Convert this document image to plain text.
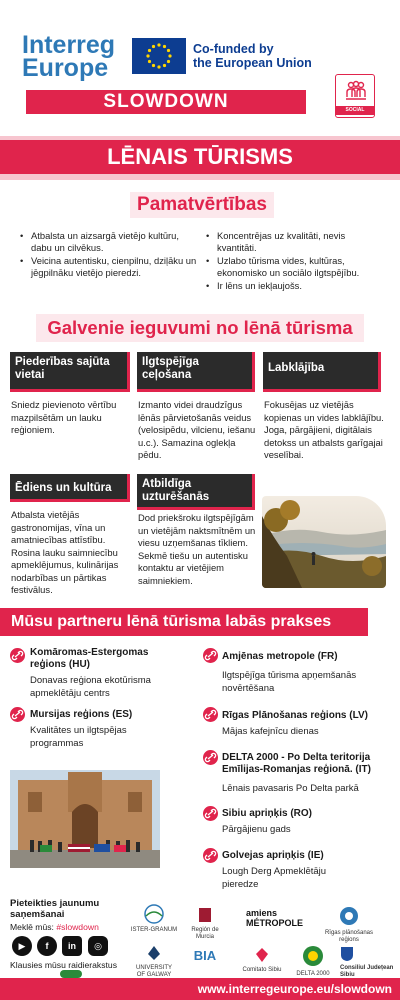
Interreg
Europe
Co-funded by
the European Union
SLOWDOWN	SOCIAL
LĒNAIS TŪRISMS
Pamatvērtības
• Atbalsta un aizsargā vietējo kultūru, dabu un cilvēkus.
• Veicina autentisku, cienpilnu, dziļāku un jēgpilnāku vietējo pieredzi.
• Koncentrējas uz kvalitāti, nevis kvantitāti.
• Uzlabo tūrisma vides, kultūras, ekonomisko un sociālo ilgtspējību.
• Ir lēns un iekļaujošs.
Galvenie ieguvumi no lēnā tūrisma
Piederības sajūta vietai
Sniedz pievienoto vērtību mazpilsētām un lauku reģioniem.
Ilgtspējīga ceļošana
Izmanto videi draudzīgus lēnās pārvietošanās veidus (velosipēdu, vilcienu, iešanu u.c.). Samazina oglekļa pēdu.
Labklājība
Fokusējas uz vietējās kopienas un vides labklājību. Joga, pārgājieni, digitālais detokss un atbalsts garīgajai veselībai.
Ēdiens un kultūra
Atbalsta vietējās gastronomijas, vīna un amatniecības attīstību. Rosina lauku saimniecību apmeklējumus, kulinārijas nodarbības un pārtikas festivālus.
Atbildīga uzturēšanās
Dod priekšroku ilgtspējīgām un vietējām naktsmītnēm un viesu uzņemšanas tīkliem. Sekmē tiešu un autentisku kontaktu ar vietējiem saimniekiem.
Mūsu partneru lēnā tūrisma labās prakses
Komāromas-Estergomas reģions (HU)
Donavas reģiona ekotūrisma apmeklētāju centrs
Mursijas reģions (ES)
Kvalitātes un ilgtspējas programmas
Amjēnas metropole (FR)
Ilgtspējīga tūrisma apņemšanās novērtēšana
Rīgas Plānošanas reģions (LV)
Mājas kafejnīcu dienas
DELTA 2000 - Po Delta teritorija
Emīlijas-Romanjas reģionā. (IT)
Lēnais pavasaris Po Delta parkā
Sibiu apriņķis (RO)
Pārgājienu gads
Golvejas apriņķis (IE)
Lough Derg Apmeklētāju pieredze
Pieteikties jaunumu
saņemšanai
Meklē mūs: #slowdown
▶	f	in	◎
Klausies mūsu raidierakstus
ISTER-GRANUM	Región de Murcia
amiens MÉTROPOLE
Rīgas plānošanas reģions
UNIVERSITY OF GALWAY
BIA
Comitato Sibiu
DELTA 2000
Consiliul Județean Sibiu
www.interregeurope.eu/slowdown
